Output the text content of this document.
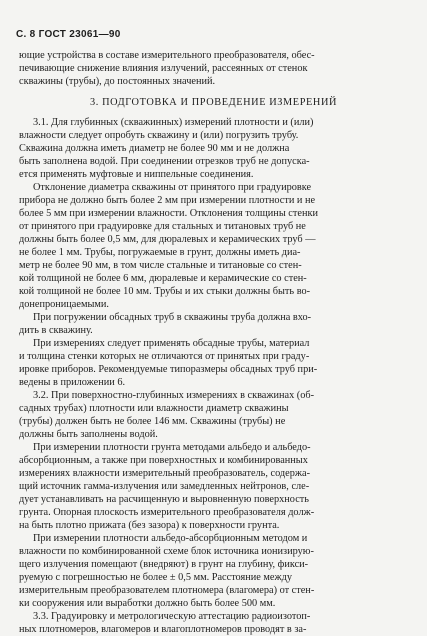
С. 8 ГОСТ 23061—90
ющие устройства в составе измерительного преобразователя, обес-
печивающие снижение влияния излучений, рассеянных от стенок
скважины (трубы), до постоянных значений.
3. ПОДГОТОВКА И ПРОВЕДЕНИЕ ИЗМЕРЕНИЙ
3.1. Для глубинных (скважинных) измерений плотности и (или)
влажности следует опробуть скважину и (или) погрузить трубу.
Скважина должна иметь диаметр не более 90 мм и не должна
быть заполнена водой. При соединении отрезков труб не допуска-
ется применять муфтовые и ниппельные соединения.
Отклонение диаметра скважины от принятого при градуировке
прибора не должно быть более 2 мм при измерении плотности и не
более 5 мм при измерении влажности. Отклонения толщины стенки
от принятого при градуировке для стальных и титановых труб не
должны быть более 0,5 мм, для дюралевых и керамических труб —
не более 1 мм. Трубы, погружаемые в грунт, должны иметь диа-
метр не более 90 мм, в том числе стальные и титановые со стен-
кой толщиной не более 6 мм, дюралевые и керамические со стен-
кой толщиной не более 10 мм. Трубы и их стыки должны быть во-
донепроницаемыми.
При погружении обсадных труб в скважины труба должна вхо-
дить в скважину.
При измерениях следует применять обсадные трубы, материал
и толщина стенки которых не отличаются от принятых при граду-
ировке приборов. Рекомендуемые типоразмеры обсадных труб при-
ведены в приложении 6.
3.2. При поверхностно-глубинных измерениях в скважинах (об-
садных трубах) плотности или влажности диаметр скважины
(трубы) должен быть не более 146 мм. Скважины (трубы) не
должны быть заполнены водой.
При измерении плотности грунта методами альбедо и альбедо-
абсорбционным, а также при поверхностных и комбинированных
измерениях влажности измерительный преобразователь, содержа-
щий источник гамма-излучения или замедленных нейтронов, сле-
дует устанавливать на расчищенную и выровненную поверхность
грунта. Опорная плоскость измерительного преобразователя долж-
на быть плотно прижата (без зазора) к поверхности грунта.
При измерении плотности альбедо-абсорбционным методом и
влажности по комбинированной схеме блок источника ионизирую-
щего излучения помещают (внедряют) в грунт на глубину, фикси-
руемую с погрешностью не более ± 0,5 мм. Расстояние между
измерительным преобразователем плотномера (влагомера) от стен-
ки сооружения или выработки должно быть более 500 мм.
3.3. Градуировку и метрологическую аттестацию радиоизотоп-
ных плотномеров, влагомеров и влагоплотномеров проводят в за-
